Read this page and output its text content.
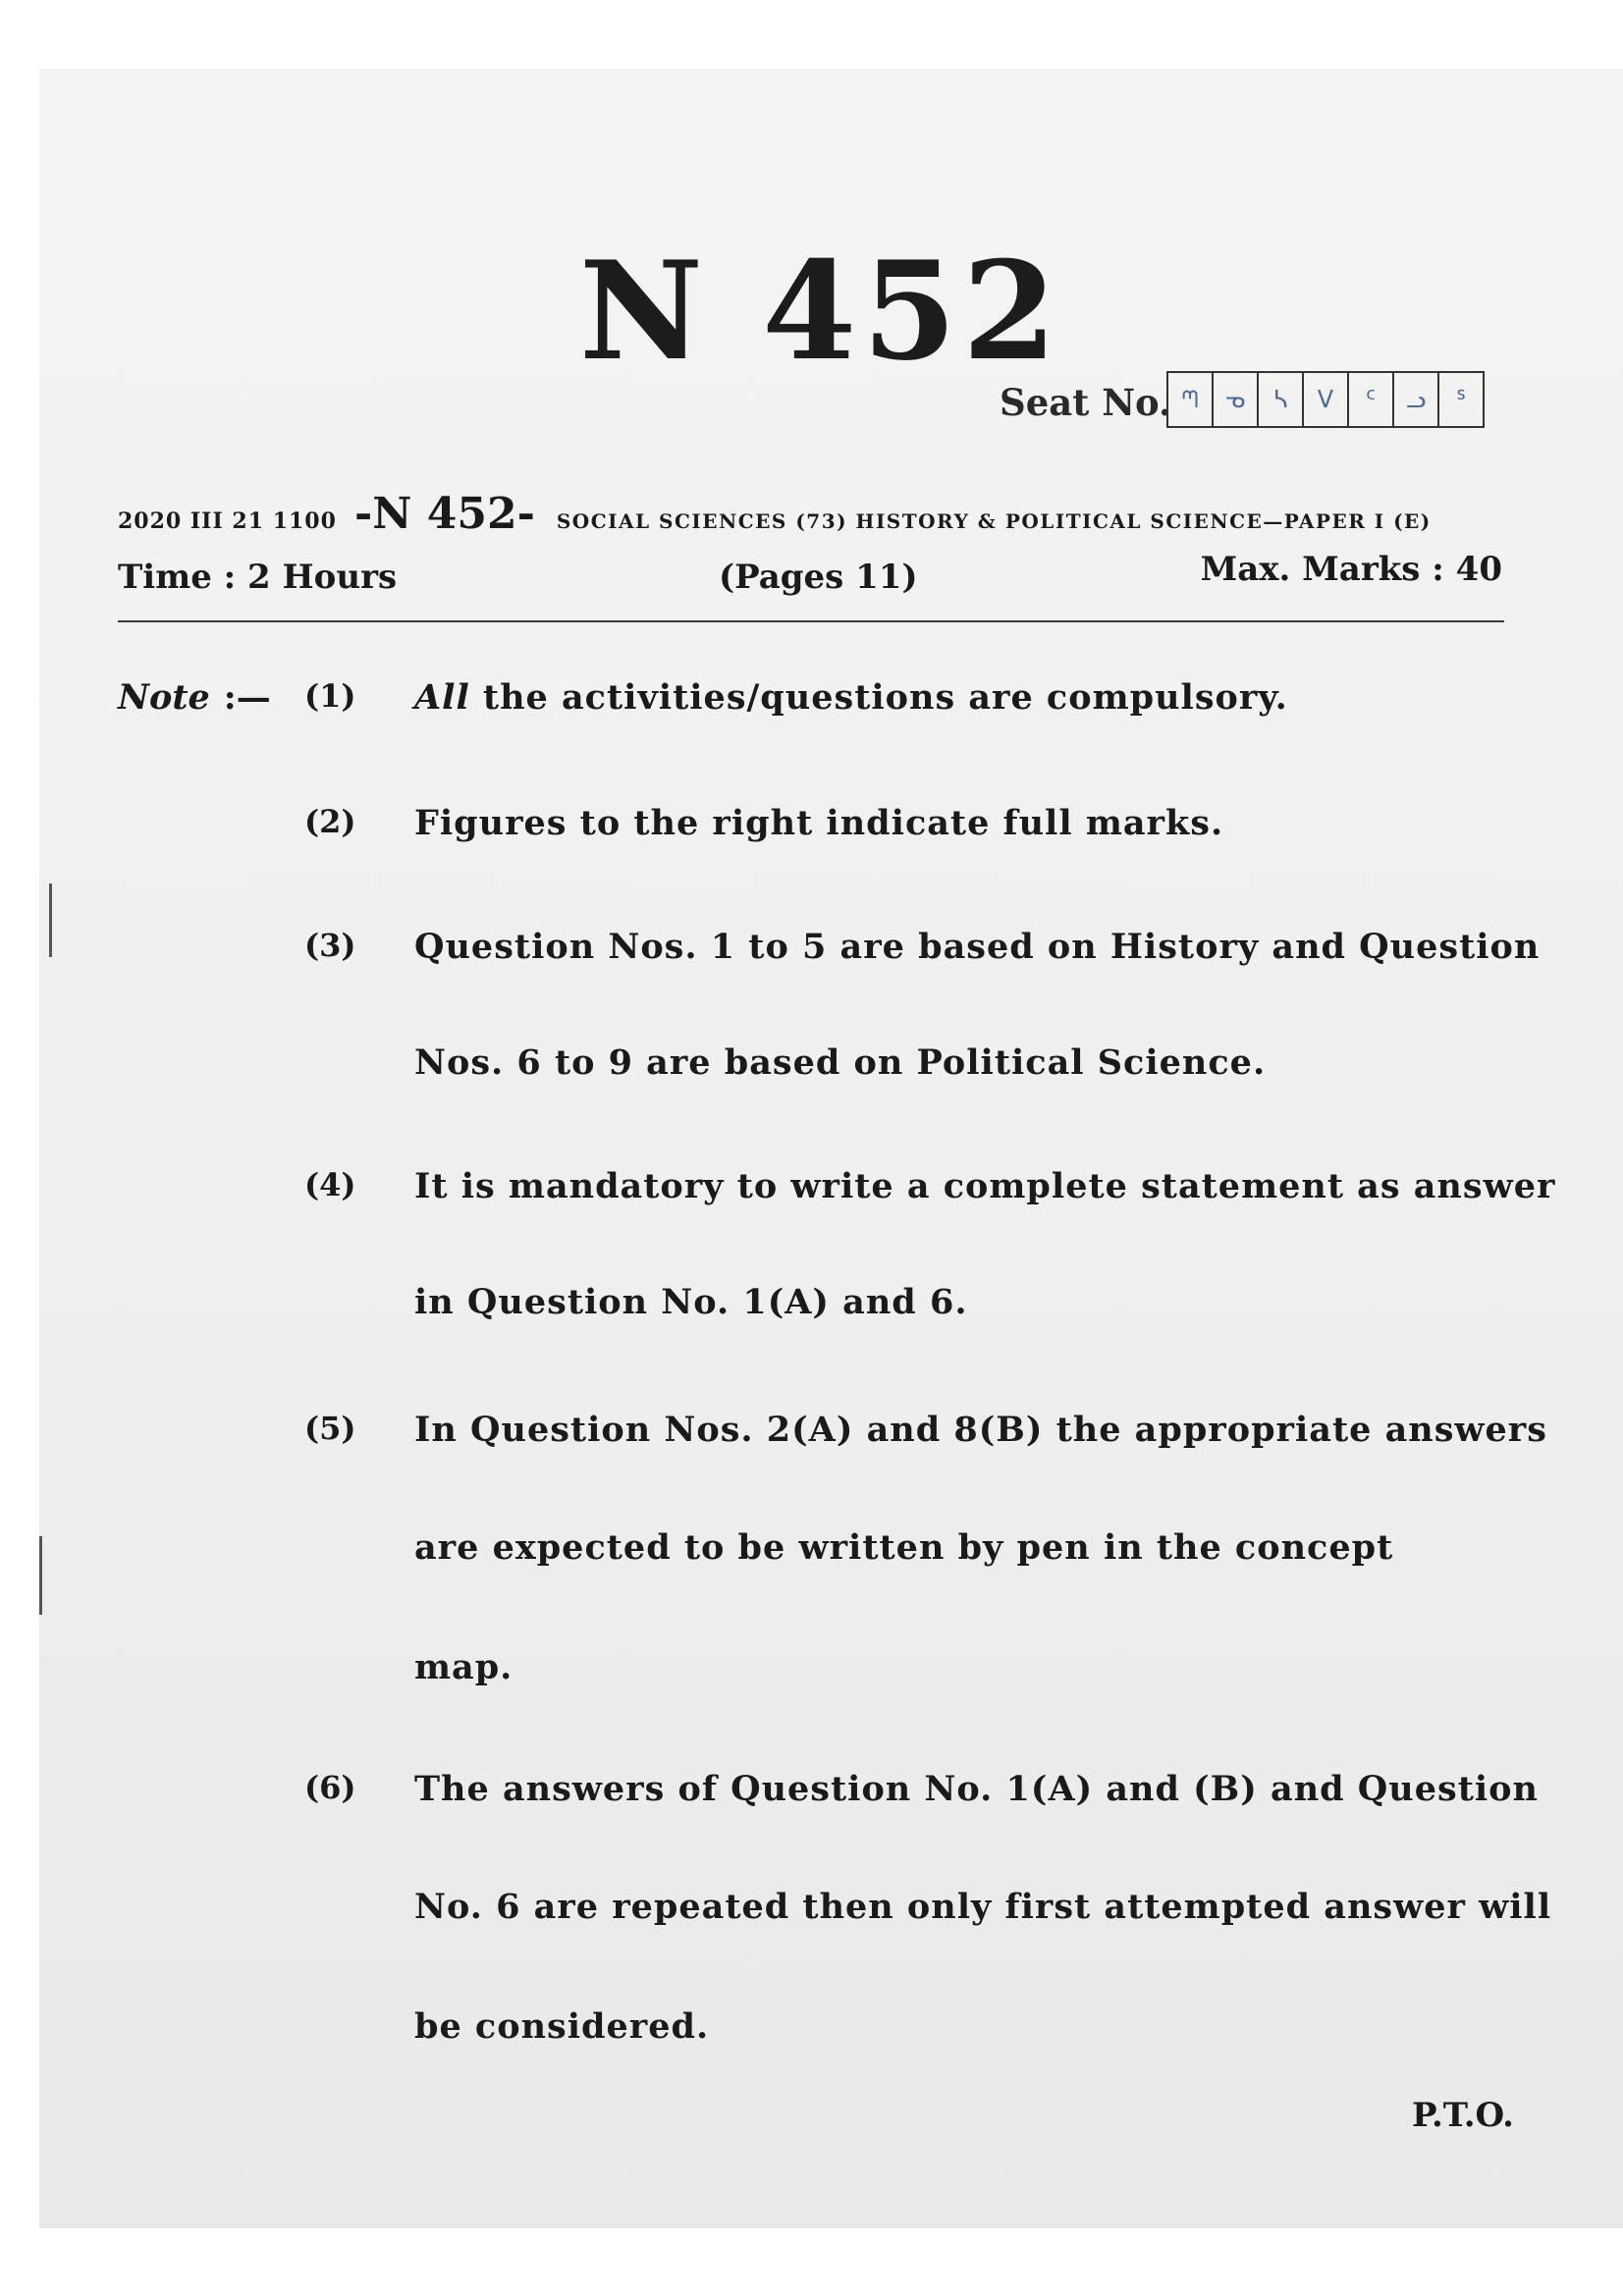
N 452
Seat No. ᘉ	ᓀ	ᓴ	ᐯ	ᑦ	ᓗ	ᔆ
2020 III 21 1100 -N 452- SOCIAL SCIENCES (73) HISTORY & POLITICAL SCIENCE—PAPER I (E)
Time : 2 Hours	(Pages 11)	Max. Marks : 40
Note :— (1) All the activities/questions are compulsory.
(2) Figures to the right indicate full marks.
(3) Question Nos. 1 to 5 are based on History and Question
Nos. 6 to 9 are based on Political Science.
(4) It is mandatory to write a complete statement as answer
in Question No. 1(A) and 6.
(5) In Question Nos. 2(A) and 8(B) the appropriate answers
are expected to be written by pen in the concept
map.
(6) The answers of Question No. 1(A) and (B) and Question
No. 6 are repeated then only first attempted answer will
be considered.
P.T.O.
